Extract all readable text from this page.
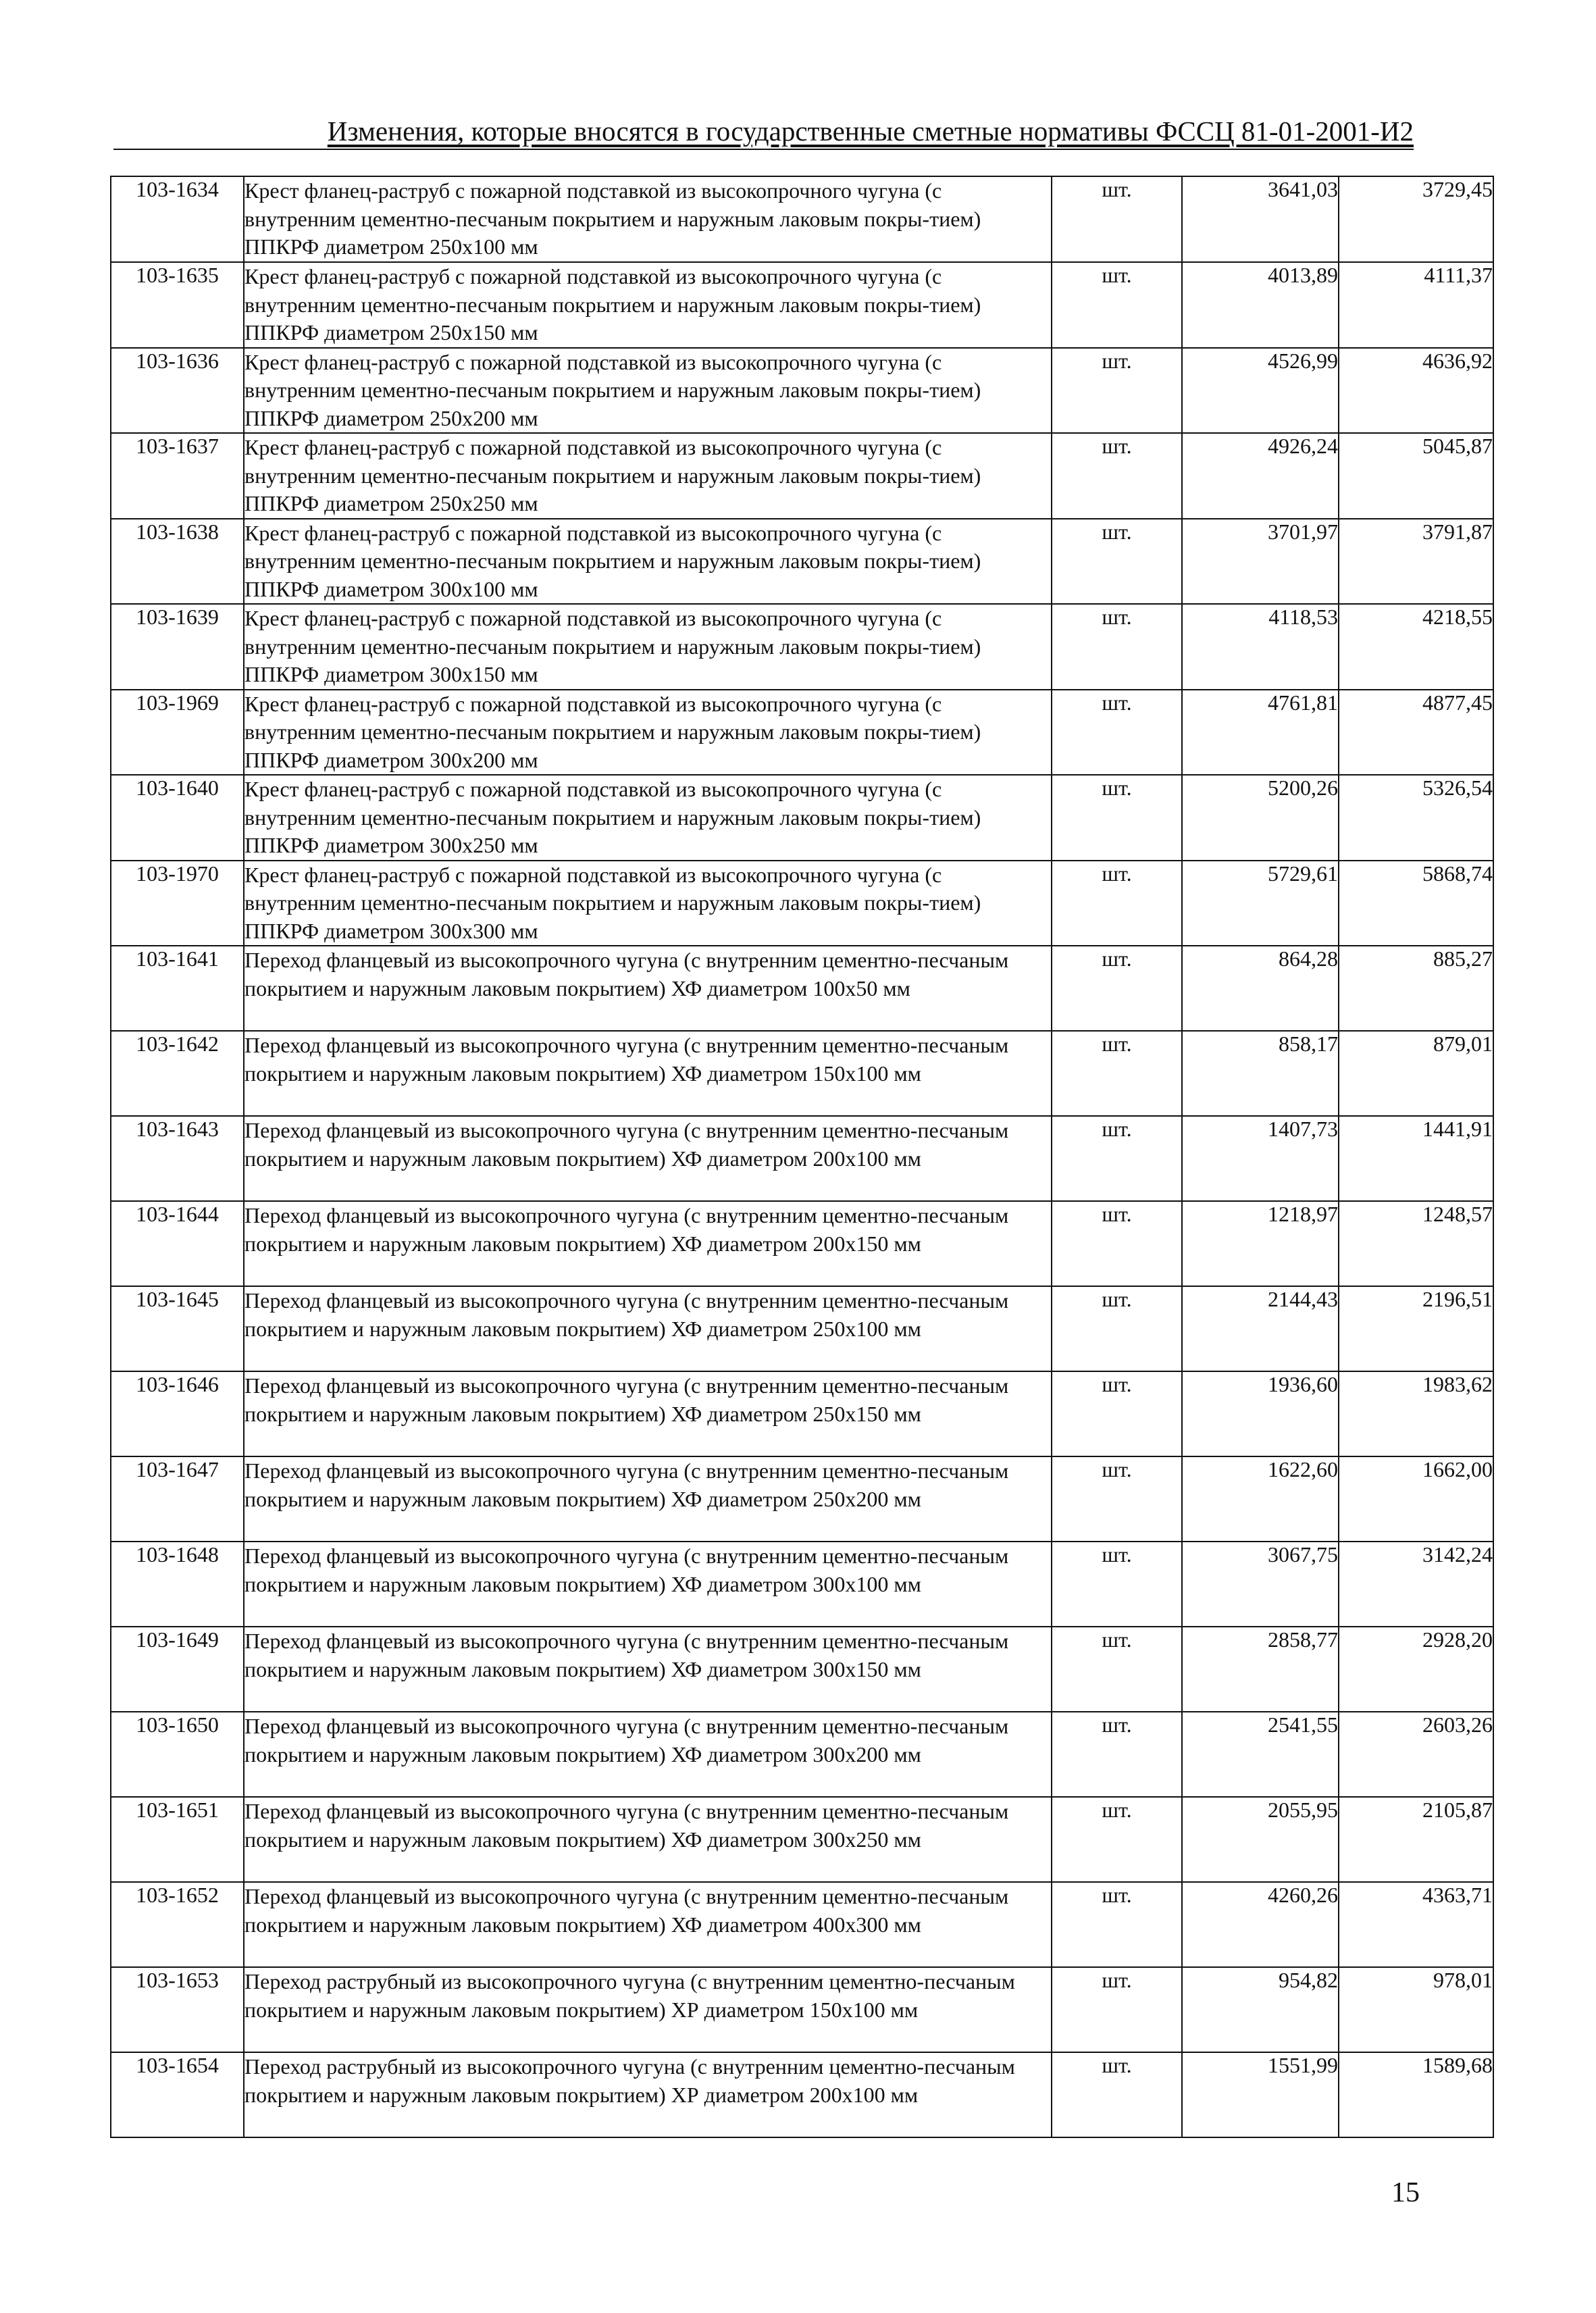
Изменения, которые вносятся в государственные сметные нормативы ФССЦ 81-01-2001-И2
103-1634	Крест фланец-раструб с пожарной подставкой из высокопрочного чугуна (с внутренним цементно-песчаным покрытием и наружным лаковым покры-тием) ППКРФ диаметром 250x100 мм	шт.	3641,03	3729,45
103-1635	Крест фланец-раструб с пожарной подставкой из высокопрочного чугуна (с внутренним цементно-песчаным покрытием и наружным лаковым покры-тием) ППКРФ диаметром 250x150 мм	шт.	4013,89	4111,37
103-1636	Крест фланец-раструб с пожарной подставкой из высокопрочного чугуна (с внутренним цементно-песчаным покрытием и наружным лаковым покры-тием) ППКРФ диаметром 250x200 мм	шт.	4526,99	4636,92
103-1637	Крест фланец-раструб с пожарной подставкой из высокопрочного чугуна (с внутренним цементно-песчаным покрытием и наружным лаковым покры-тием) ППКРФ диаметром 250x250 мм	шт.	4926,24	5045,87
103-1638	Крест фланец-раструб с пожарной подставкой из высокопрочного чугуна (с внутренним цементно-песчаным покрытием и наружным лаковым покры-тием) ППКРФ диаметром 300x100 мм	шт.	3701,97	3791,87
103-1639	Крест фланец-раструб с пожарной подставкой из высокопрочного чугуна (с внутренним цементно-песчаным покрытием и наружным лаковым покры-тием) ППКРФ диаметром 300x150 мм	шт.	4118,53	4218,55
103-1969	Крест фланец-раструб с пожарной подставкой из высокопрочного чугуна (с внутренним цементно-песчаным покрытием и наружным лаковым покры-тием) ППКРФ диаметром 300x200 мм	шт.	4761,81	4877,45
103-1640	Крест фланец-раструб с пожарной подставкой из высокопрочного чугуна (с внутренним цементно-песчаным покрытием и наружным лаковым покры-тием) ППКРФ диаметром 300x250 мм	шт.	5200,26	5326,54
103-1970	Крест фланец-раструб с пожарной подставкой из высокопрочного чугуна (с внутренним цементно-песчаным покрытием и наружным лаковым покры-тием) ППКРФ диаметром 300x300 мм	шт.	5729,61	5868,74
103-1641	Переход фланцевый из высокопрочного чугуна (с внутренним цементно-песчаным покрытием и наружным лаковым покрытием) ХФ диаметром 100x50 мм	шт.	864,28	885,27
103-1642	Переход фланцевый из высокопрочного чугуна (с внутренним цементно-песчаным покрытием и наружным лаковым покрытием) ХФ диаметром 150x100 мм	шт.	858,17	879,01
103-1643	Переход фланцевый из высокопрочного чугуна (с внутренним цементно-песчаным покрытием и наружным лаковым покрытием) ХФ диаметром 200x100 мм	шт.	1407,73	1441,91
103-1644	Переход фланцевый из высокопрочного чугуна (с внутренним цементно-песчаным покрытием и наружным лаковым покрытием) ХФ диаметром 200x150 мм	шт.	1218,97	1248,57
103-1645	Переход фланцевый из высокопрочного чугуна (с внутренним цементно-песчаным покрытием и наружным лаковым покрытием) ХФ диаметром 250x100 мм	шт.	2144,43	2196,51
103-1646	Переход фланцевый из высокопрочного чугуна (с внутренним цементно-песчаным покрытием и наружным лаковым покрытием) ХФ диаметром 250x150 мм	шт.	1936,60	1983,62
103-1647	Переход фланцевый из высокопрочного чугуна (с внутренним цементно-песчаным покрытием и наружным лаковым покрытием) ХФ диаметром 250x200 мм	шт.	1622,60	1662,00
103-1648	Переход фланцевый из высокопрочного чугуна (с внутренним цементно-песчаным покрытием и наружным лаковым покрытием) ХФ диаметром 300x100 мм	шт.	3067,75	3142,24
103-1649	Переход фланцевый из высокопрочного чугуна (с внутренним цементно-песчаным покрытием и наружным лаковым покрытием) ХФ диаметром 300x150 мм	шт.	2858,77	2928,20
103-1650	Переход фланцевый из высокопрочного чугуна (с внутренним цементно-песчаным покрытием и наружным лаковым покрытием) ХФ диаметром 300x200 мм	шт.	2541,55	2603,26
103-1651	Переход фланцевый из высокопрочного чугуна (с внутренним цементно-песчаным покрытием и наружным лаковым покрытием) ХФ диаметром 300x250 мм	шт.	2055,95	2105,87
103-1652	Переход фланцевый из высокопрочного чугуна (с внутренним цементно-песчаным покрытием и наружным лаковым покрытием) ХФ диаметром 400x300 мм	шт.	4260,26	4363,71
103-1653	Переход раструбный из высокопрочного чугуна (с внутренним цементно-песчаным покрытием и наружным лаковым покрытием) ХР диаметром 150x100 мм	шт.	954,82	978,01
103-1654	Переход раструбный из высокопрочного чугуна (с внутренним цементно-песчаным покрытием и наружным лаковым покрытием) ХР диаметром 200x100 мм	шт.	1551,99	1589,68
15
